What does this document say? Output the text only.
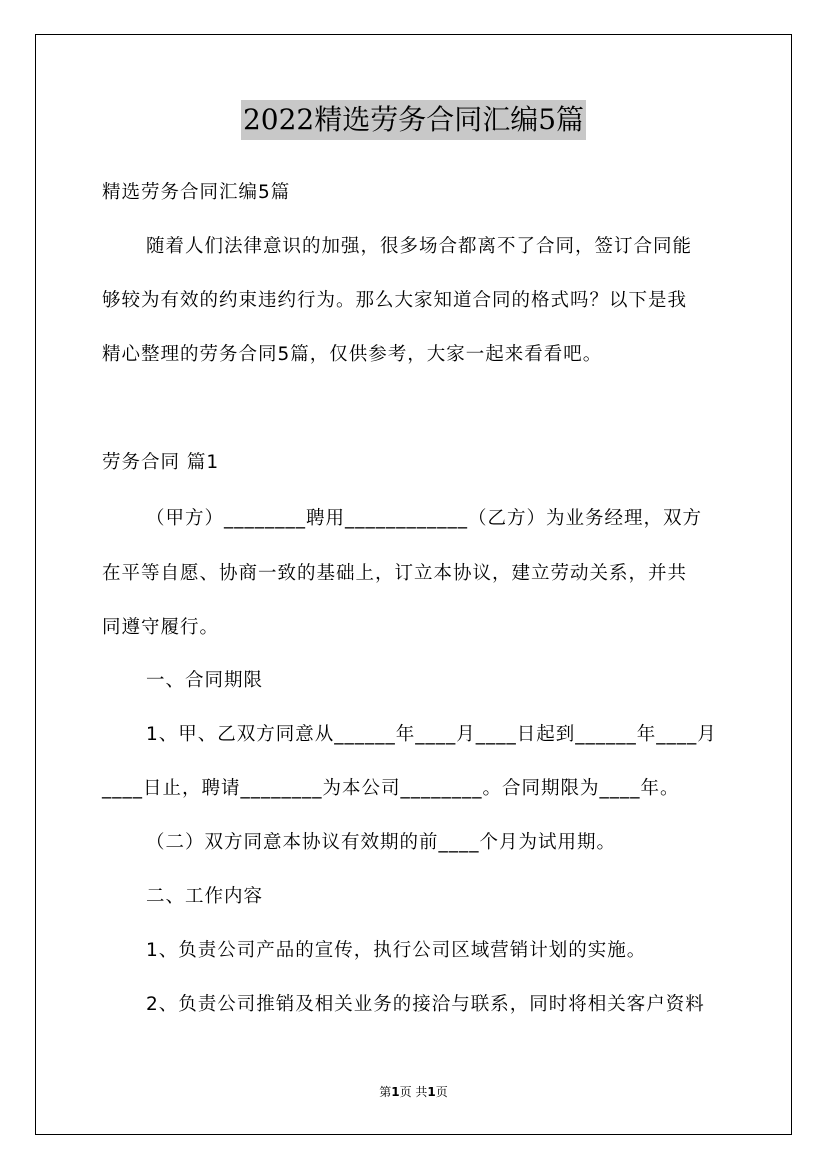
2022精选劳务合同汇编5篇
精选劳务合同汇编5篇
随着人们法律意识的加强，很多场合都离不了合同，签订合同能
够较为有效的约束违约行为。那么大家知道合同的格式吗？以下是我
精心整理的劳务合同5篇，仅供参考，大家一起来看看吧。
劳务合同 篇1
（甲方）________聘用____________（乙方）为业务经理，双方
在平等自愿、协商一致的基础上，订立本协议，建立劳动关系，并共
同遵守履行。
一、合同期限
1、甲、乙双方同意从______年____月____日起到______年____月
____日止，聘请________为本公司________。合同期限为____年。
（二）双方同意本协议有效期的前____个月为试用期。
二、工作内容
1、负责公司产品的宣传，执行公司区域营销计划的实施。
2、负责公司推销及相关业务的接洽与联系，同时将相关客户资料
第1页 共1页
